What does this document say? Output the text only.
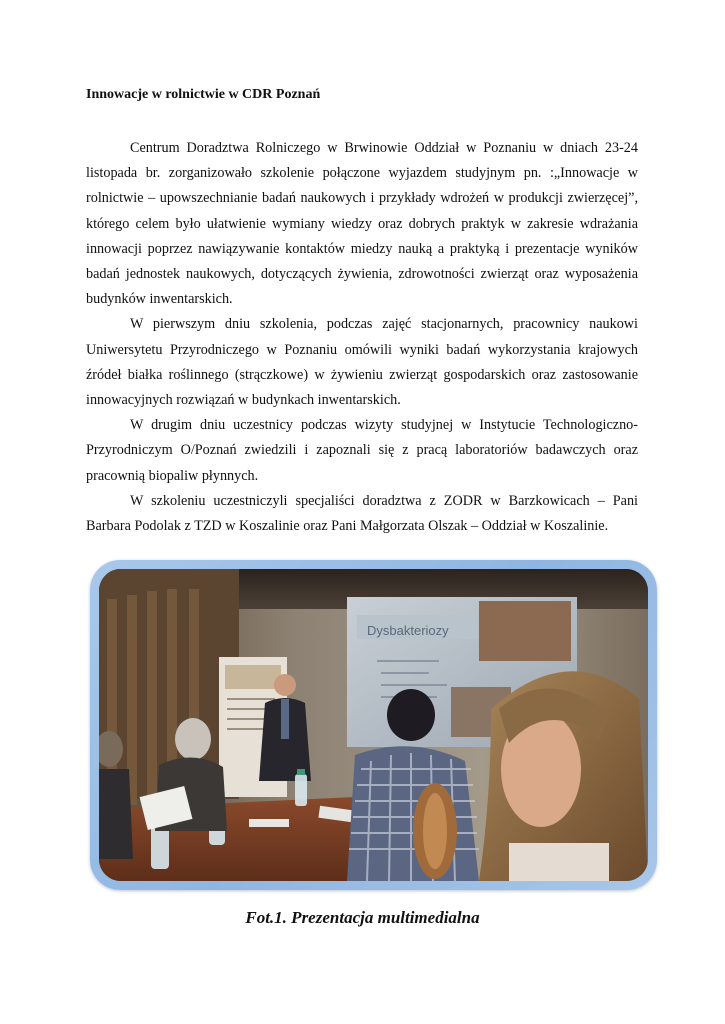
Innowacje w rolnictwie w CDR Poznań

Centrum Doradztwa Rolniczego w Brwinowie Oddział w Poznaniu w dniach 23-24 listopada br. zorganizowało szkolenie połączone wyjazdem studyjnym pn. :„Innowacje w rolnictwie – upowszechnianie badań naukowych i przykłady wdrożeń w produkcji zwierzęcej”, którego celem było ułatwienie wymiany wiedzy oraz dobrych praktyk w zakresie wdrażania innowacji poprzez nawiązywanie kontaktów miedzy nauką a praktyką i prezentacje wyników badań jednostek naukowych, dotyczących żywienia, zdrowotności zwierząt oraz wyposażenia budynków inwentarskich.

W pierwszym dniu szkolenia, podczas zajęć stacjonarnych, pracownicy naukowi Uniwersytetu Przyrodniczego w Poznaniu omówili wyniki badań wykorzystania krajowych źródeł białka roślinnego (strączkowe) w żywieniu zwierząt gospodarskich oraz zastosowanie innowacyjnych rozwiązań w budynkach inwentarskich.

W drugim dniu uczestnicy podczas wizyty studyjnej w Instytucie Technologiczno-Przyrodniczym O/Poznań zwiedzili i zapoznali się z pracą laboratoriów badawczych oraz pracownią biopaliw płynnych.

W szkoleniu uczestniczyli specjaliści doradztwa z ZODR w Barzkowicach – Pani Barbara Podolak z TZD w Koszalinie oraz Pani Małgorzata Olszak – Oddział w Koszalinie.

Dysbakteriozy
Fot.1. Prezentacja multimedialna
